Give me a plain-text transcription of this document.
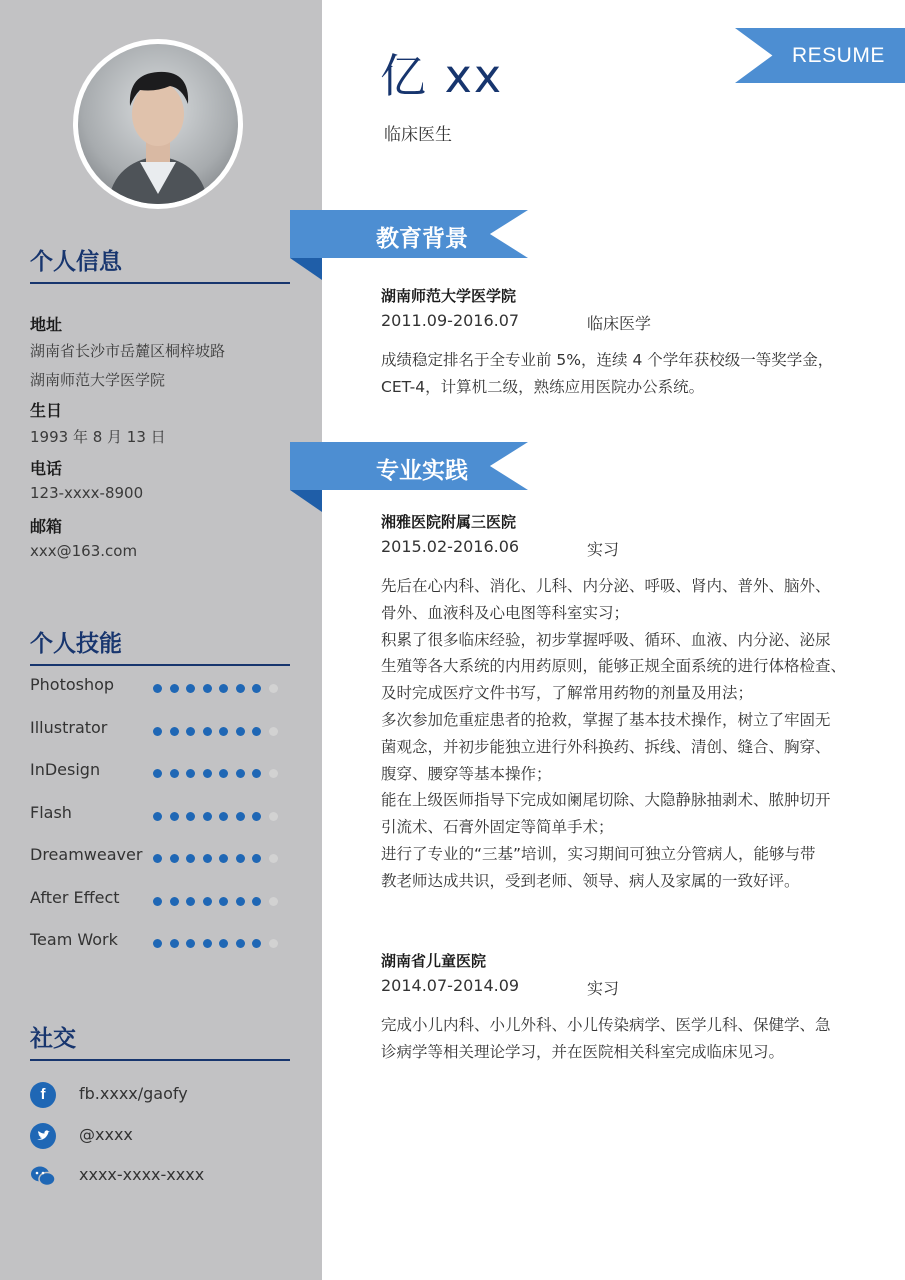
个人信息
地址
湖南省长沙市岳麓区桐梓坡路
湖南师范大学医学院
生日
1993 年 8 月 13 日
电话
123-xxxx-8900
邮箱
xxx@163.com
个人技能
Photoshop
Illustrator
InDesign
Flash
Dreamweaver
After Effect
Team Work
社交
f	fb.xxxx/gaofy
@xxxx
xxxx-xxxx-xxxx
RESUME
亿 xx
临床医生
教育背景
湖南师范大学医学院
2011.09-2016.07	临床医学

成绩稳定排名于全专业前 5%，连续 4 个学年获校级一等奖学金，

CET-4，计算机二级，熟练应用医院办公系统。

专业实践
湘雅医院附属三医院
2015.02-2016.06	实习

先后在心内科、消化、儿科、内分泌、呼吸、肾内、普外、脑外、

骨外、血液科及心电图等科室实习；

积累了很多临床经验，初步掌握呼吸、循环、血液、内分泌、泌尿

生殖等各大系统的内用药原则，能够正规全面系统的进行体格检查、

及时完成医疗文件书写，了解常用药物的剂量及用法；

多次参加危重症患者的抢救，掌握了基本技术操作，树立了牢固无

菌观念，并初步能独立进行外科换药、拆线、清创、缝合、胸穿、

腹穿、腰穿等基本操作；

能在上级医师指导下完成如阑尾切除、大隐静脉抽剥术、脓肿切开

引流术、石膏外固定等简单手术；

进行了专业的“三基”培训，实习期间可独立分管病人，能够与带

教老师达成共识，受到老师、领导、病人及家属的一致好评。

湖南省儿童医院
2014.07-2014.09	实习

完成小儿内科、小儿外科、小儿传染病学、医学儿科、保健学、急

诊病学等相关理论学习，并在医院相关科室完成临床见习。
